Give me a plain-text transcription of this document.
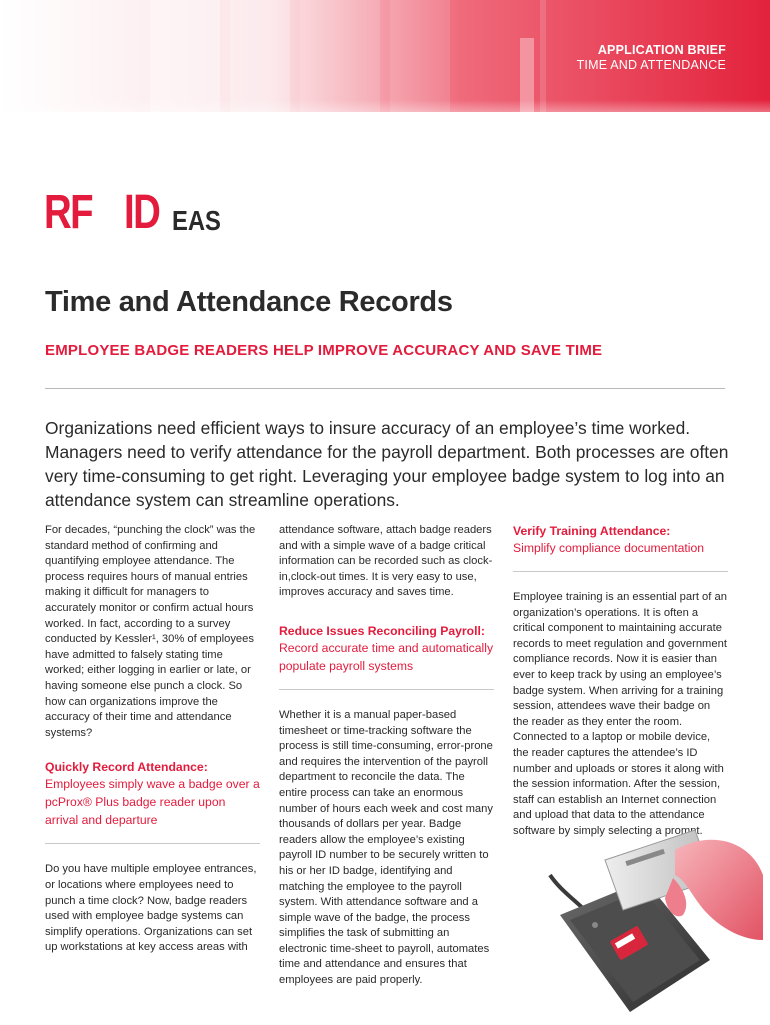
APPLICATION BRIEF
TIME AND ATTENDANCE
RF ID EAS
Time and Attendance Records
EMPLOYEE BADGE READERS HELP IMPROVE ACCURACY AND SAVE TIME

Organizations need efficient ways to insure accuracy of an employee’s time worked. Managers need to verify attendance for the payroll department. Both processes are often very time-consuming to get right. Leveraging your employee badge system to log into an attendance system can streamline operations.

For decades, “punching the clock” was the standard method of confirming and quantifying employee attendance. The process requires hours of manual entries making it difficult for managers to accurately monitor or confirm actual hours worked. In fact, according to a survey conducted by Kessler¹, 30% of employees have admitted to falsely stating time worked; either logging in earlier or late, or having someone else punch a clock. So how can organizations improve the accuracy of their time and attendance systems?

Quickly Record Attendance:

Employees simply wave a badge over a pcProx® Plus badge reader upon arrival and departure

Do you have multiple employee entrances, or locations where employees need to punch a time clock? Now, badge readers used with employee badge systems can simplify operations. Organizations can set up workstations at key access areas with

attendance software, attach badge readers and with a simple wave of a badge critical information can be recorded such as clock-in,clock-out times. It is very easy to use, improves accuracy and saves time.

Reduce Issues Reconciling Payroll:

Record accurate time and automatically populate payroll systems

Whether it is a manual paper-based timesheet or time-tracking software the process is still time-consuming, error-prone and requires the intervention of the payroll department to reconcile the data. The entire process can take an enormous number of hours each week and cost many thousands of dollars per year. Badge readers allow the employee’s existing payroll ID number to be securely written to his or her ID badge, identifying and matching the employee to the payroll system. With attendance software and a simple wave of the badge, the process simplifies the task of submitting an electronic time-sheet to payroll, automates time and attendance and ensures that employees are paid properly.

Verify Training Attendance:

Simplify compliance documentation

Employee training is an essential part of an organization’s operations. It is often a critical component to maintaining accurate records to meet regulation and government compliance records. Now it is easier than ever to keep track by using an employee’s badge system. When arriving for a training session, attendees wave their badge on the reader as they enter the room. Connected to a laptop or mobile device, the reader captures the attendee’s ID number and uploads or stores it along with the session information. After the session, staff can establish an Internet connection and upload that data to the attendance software by simply selecting a prompt.
